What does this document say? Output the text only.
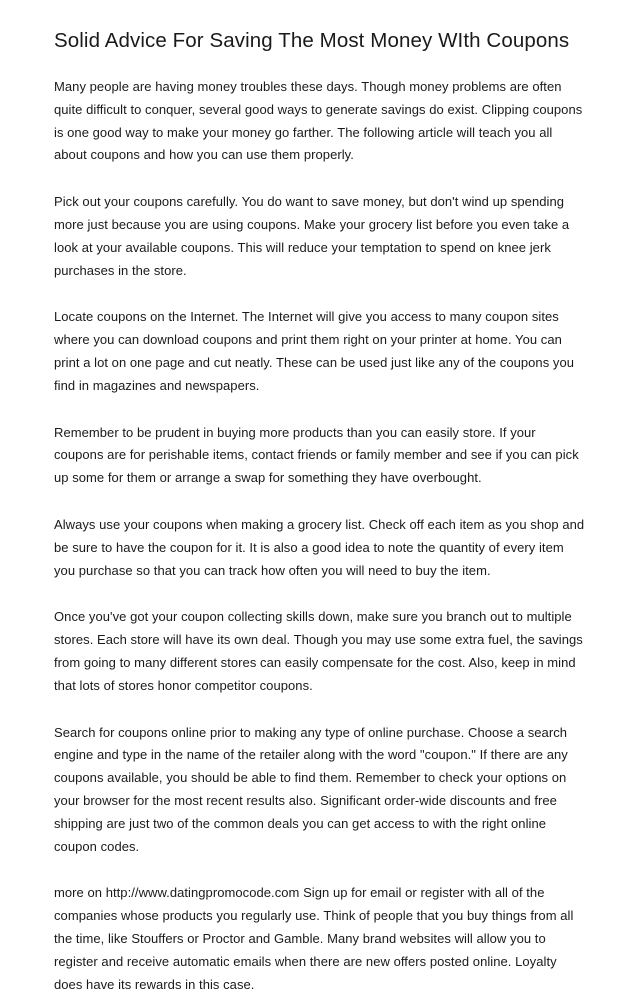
Solid Advice For Saving The Most Money WIth Coupons

Many people are having money troubles these days. Though money problems are often quite difficult to conquer, several good ways to generate savings do exist. Clipping coupons is one good way to make your money go farther. The following article will teach you all about coupons and how you can use them properly.

Pick out your coupons carefully. You do want to save money, but don't wind up spending more just because you are using coupons. Make your grocery list before you even take a look at your available coupons. This will reduce your temptation to spend on knee jerk purchases in the store.

Locate coupons on the Internet. The Internet will give you access to many coupon sites where you can download coupons and print them right on your printer at home. You can print a lot on one page and cut neatly. These can be used just like any of the coupons you find in magazines and newspapers.

Remember to be prudent in buying more products than you can easily store. If your coupons are for perishable items, contact friends or family member and see if you can pick up some for them or arrange a swap for something they have overbought.

Always use your coupons when making a grocery list. Check off each item as you shop and be sure to have the coupon for it. It is also a good idea to note the quantity of every item you purchase so that you can track how often you will need to buy the item.

Once you've got your coupon collecting skills down, make sure you branch out to multiple stores. Each store will have its own deal. Though you may use some extra fuel, the savings from going to many different stores can easily compensate for the cost. Also, keep in mind that lots of stores honor competitor coupons.

Search for coupons online prior to making any type of online purchase. Choose a search engine and type in the name of the retailer along with the word "coupon." If there are any coupons available, you should be able to find them. Remember to check your options on your browser for the most recent results also. Significant order-wide discounts and free shipping are just two of the common deals you can get access to with the right online coupon codes.

more on http://www.datingpromocode.com Sign up for email or register with all of the companies whose products you regularly use. Think of people that you buy things from all the time, like Stouffers or Proctor and Gamble. Many brand websites will allow you to register and receive automatic emails when there are new offers posted online. Loyalty does have its rewards in this case.
